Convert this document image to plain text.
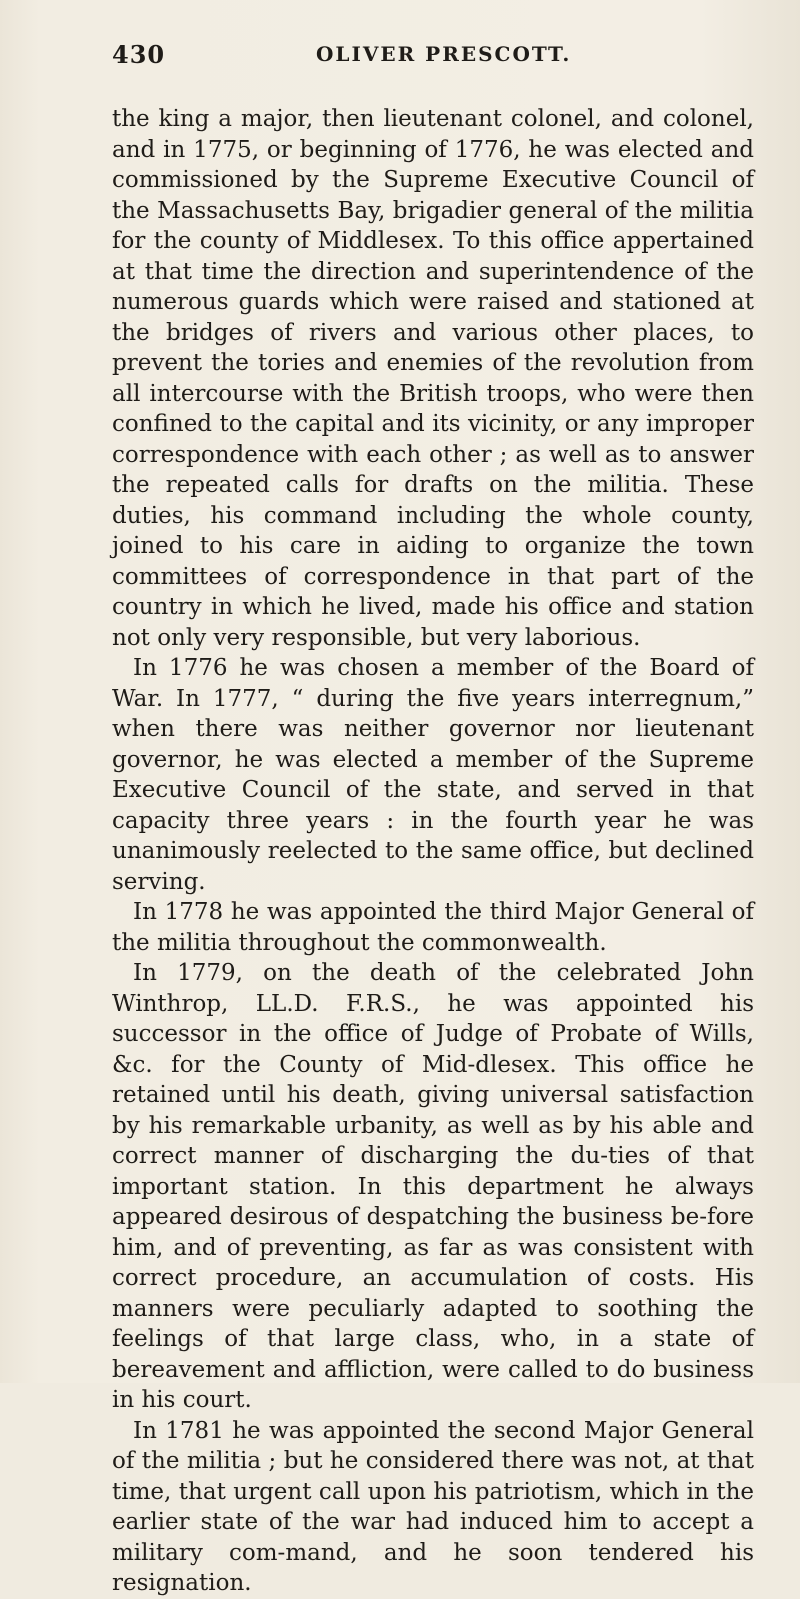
430	OLIVER PRESCOTT.

the king a major, then lieutenant colonel, and colonel, and in 1775, or beginning of 1776, he was elected and commissioned by the Supreme Executive Council of the Massachusetts Bay, brigadier general of the militia for the county of Middlesex. To this office appertained at that time the direction and superintendence of the numerous guards which were raised and stationed at the bridges of rivers and various other places, to prevent the tories and enemies of the revolution from all intercourse with the British troops, who were then confined to the capital and its vicinity, or any improper correspondence with each other ; as well as to answer the repeated calls for drafts on the militia. These duties, his command including the whole county, joined to his care in aiding to organize the town committees of correspondence in that part of the country in which he lived, made his office and station not only very responsible, but very laborious.

In 1776 he was chosen a member of the Board of War. In 1777, “ during the five years interregnum,” when there was neither governor nor lieutenant governor, he was elected a member of the Supreme Executive Council of the state, and served in that capacity three years : in the fourth year he was unanimously reelected to the same office, but declined serving.

In 1778 he was appointed the third Major General of the militia throughout the commonwealth.

In 1779, on the death of the celebrated John Winthrop, LL.D. F.R.S., he was appointed his successor in the office of Judge of Probate of Wills, &c. for the County of Mid-dlesex. This office he retained until his death, giving universal satisfaction by his remarkable urbanity, as well as by his able and correct manner of discharging the du-ties of that important station. In this department he always appeared desirous of despatching the business be-fore him, and of preventing, as far as was consistent with correct procedure, an accumulation of costs. His manners were peculiarly adapted to soothing the feelings of that large class, who, in a state of bereavement and affliction, were called to do business in his court.

In 1781 he was appointed the second Major General of the militia ; but he considered there was not, at that time, that urgent call upon his patriotism, which in the earlier state of the war had induced him to accept a military com-mand, and he soon tendered his resignation.
